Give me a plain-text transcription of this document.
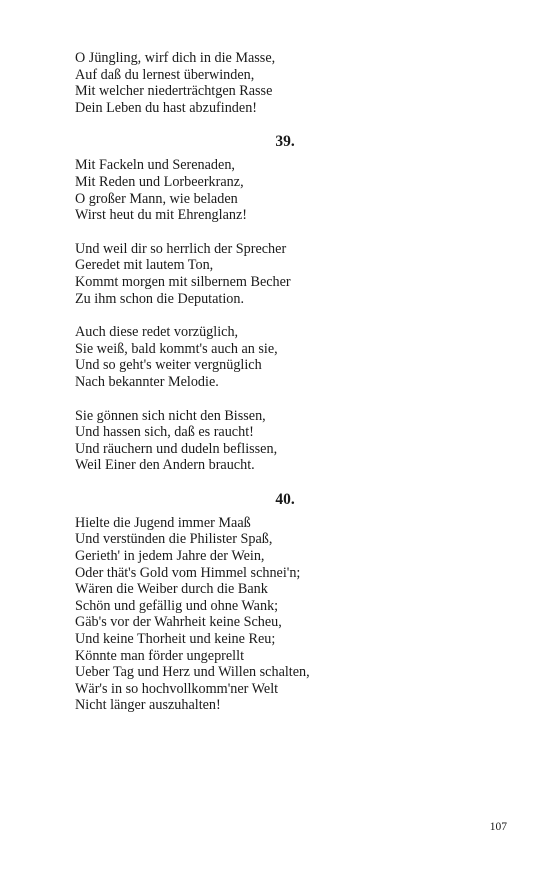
O Jüngling, wirf dich in die Masse,
Auf daß du lernest überwinden,
Mit welcher niederträchtgen Rasse
Dein Leben du hast abzufinden!
39.
Mit Fackeln und Serenaden,
Mit Reden und Lorbeerkranz,
O großer Mann, wie beladen
Wirst heut du mit Ehrenglanz!
Und weil dir so herrlich der Sprecher
Geredet mit lautem Ton,
Kommt morgen mit silbernem Becher
Zu ihm schon die Deputation.
Auch diese redet vorzüglich,
Sie weiß, bald kommt's auch an sie,
Und so geht's weiter vergnüglich
Nach bekannter Melodie.
Sie gönnen sich nicht den Bissen,
Und hassen sich, daß es raucht!
Und räuchern und dudeln beflissen,
Weil Einer den Andern braucht.
40.
Hielte die Jugend immer Maaß
Und verstünden die Philister Spaß,
Gerieth' in jedem Jahre der Wein,
Oder thät's Gold vom Himmel schnei'n;
Wären die Weiber durch die Bank
Schön und gefällig und ohne Wank;
Gäb's vor der Wahrheit keine Scheu,
Und keine Thorheit und keine Reu;
Könnte man förder ungeprellt
Ueber Tag und Herz und Willen schalten,
Wär's in so hochvollkomm'ner Welt
Nicht länger auszuhalten!
107
